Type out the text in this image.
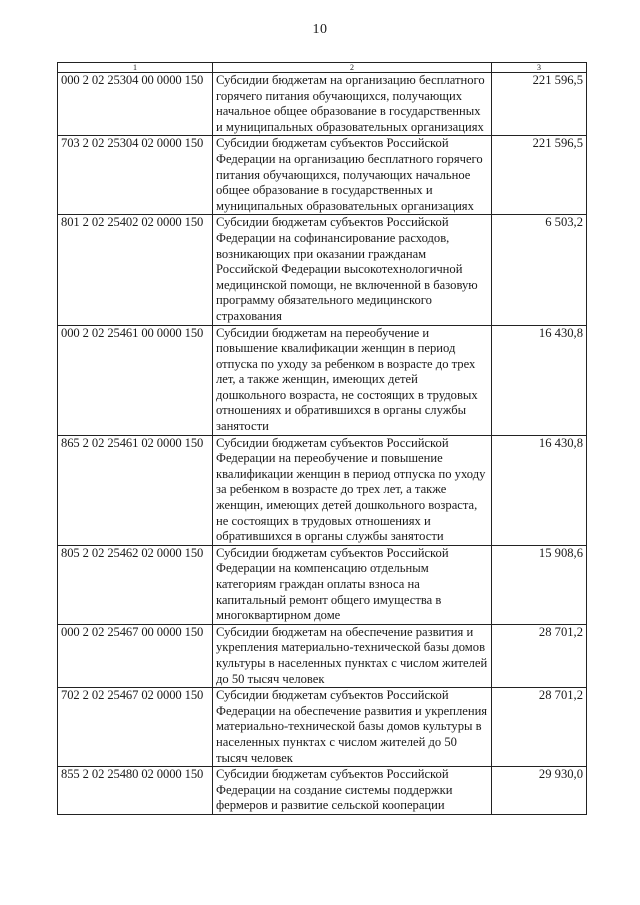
10
1	2	3
000 2 02 25304 00 0000 150	Субсидии бюджетам на организацию бесплатного горячего питания обучающихся, получающих начальное общее образование в государственных и муниципальных образовательных организациях	221 596,5
703 2 02 25304 02 0000 150	Субсидии бюджетам субъектов Российской Федерации на организацию бесплатного горячего питания обучающихся, получающих начальное общее образование в государственных и муниципальных образовательных организациях	221 596,5
801 2 02 25402 02 0000 150	Субсидии бюджетам субъектов Российской Федерации на софинансирование расходов, возникающих при оказании гражданам Российской Федерации высокотехнологичной медицинской помощи, не включенной в базовую программу обязательного медицинского страхования	6 503,2
000 2 02 25461 00 0000 150	Субсидии бюджетам на переобучение и повышение квалификации женщин в период отпуска по уходу за ребенком в возрасте до трех лет, а также женщин, имеющих детей дошкольного возраста, не состоящих в трудовых отношениях и обратившихся в органы службы занятости	16 430,8
865 2 02 25461 02 0000 150	Субсидии бюджетам субъектов Российской Федерации на переобучение и повышение квалификации женщин в период отпуска по уходу за ребенком в возрасте до трех лет, а также женщин, имеющих детей дошкольного возраста, не состоящих в трудовых отношениях и обратившихся в органы службы занятости	16 430,8
805 2 02 25462 02 0000 150	Субсидии бюджетам субъектов Российской Федерации на компенсацию отдельным категориям граждан оплаты взноса на капитальный ремонт общего имущества в многоквартирном доме	15 908,6
000 2 02 25467 00 0000 150	Субсидии бюджетам на обеспечение развития и укрепления материально-технической базы домов культуры в населенных пунктах с числом жителей до 50 тысяч человек	28 701,2
702 2 02 25467 02 0000 150	Субсидии бюджетам субъектов Российской Федерации на обеспечение развития и укрепления материально-технической базы домов культуры в населенных пунктах с числом жителей до 50 тысяч человек	28 701,2
855 2 02 25480 02 0000 150	Субсидии бюджетам субъектов Российской Федерации на создание системы поддержки фермеров и развитие сельской кооперации	29 930,0
